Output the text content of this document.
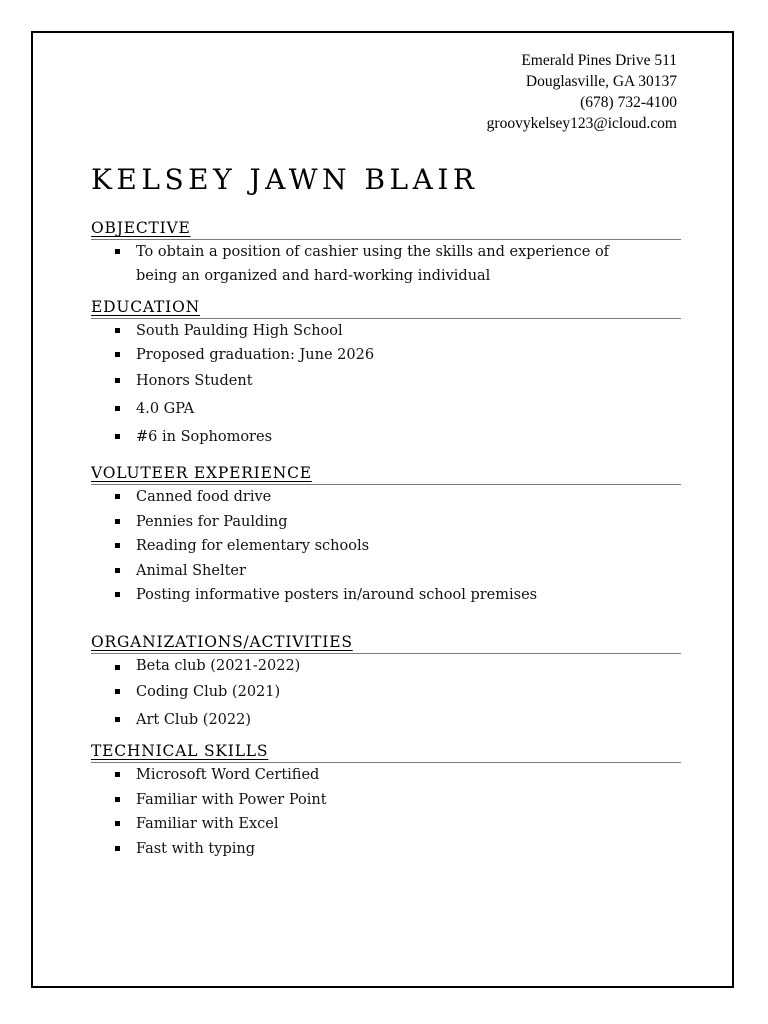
Emerald Pines Drive 511
Douglasville, GA 30137
(678) 732-4100
groovykelsey123@icloud.com
KELSEY JAWN BLAIR
OBJECTIVE
To obtain a position of cashier using the skills and experience of being an organized and hard-working individual
EDUCATION
South Paulding High School
Proposed graduation: June 2026
Honors Student
4.0 GPA
#6 in Sophomores
VOLUTEER EXPERIENCE
Canned food drive
Pennies for Paulding
Reading for elementary schools
Animal Shelter
Posting informative posters in/around school premises
ORGANIZATIONS/ACTIVITIES
Beta club (2021-2022)
Coding Club (2021)
Art Club (2022)
TECHNICAL SKILLS
Microsoft Word Certified
Familiar with Power Point
Familiar with Excel
Fast with typing
